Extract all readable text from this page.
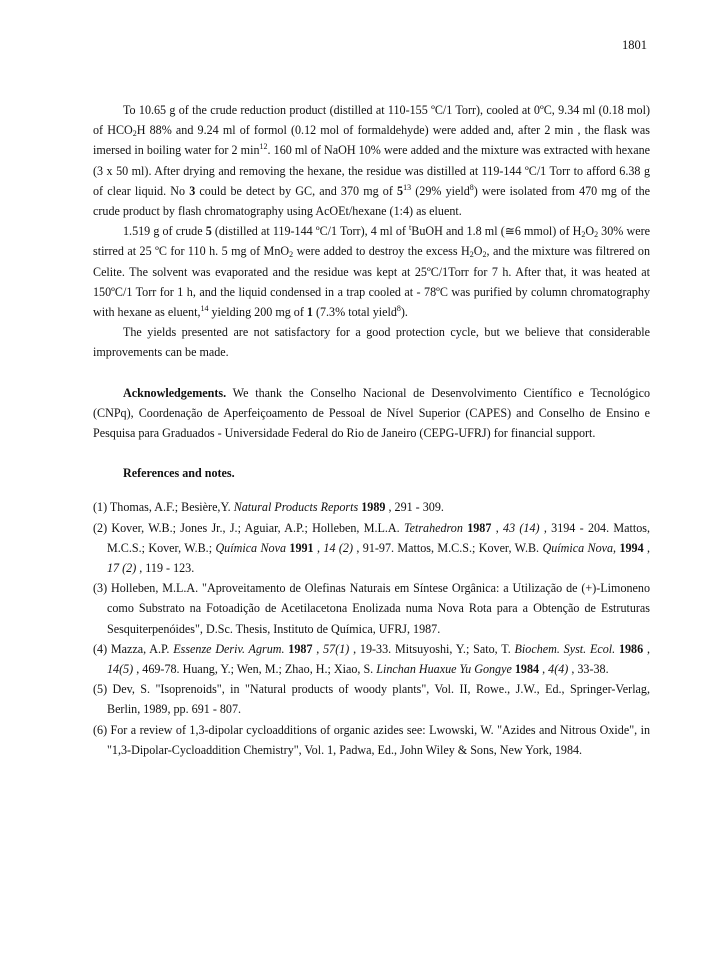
1801

To 10.65 g of the crude reduction product (distilled at 110-155 ºC/1 Torr), cooled at 0ºC, 9.34 ml (0.18 mol) of $HCO_2H$ 88% and 9.24 ml of formol (0.12 mol of formaldehyde) were added and, after 2 min , the flask was imersed in boiling water for 2 $\min^{12}$. 160 ml of NaOH 10% were added and the mixture was extracted with hexane (3 x 50 ml). After drying and removing the hexane, the residue was distilled at 119-144 ºC/1 Torr to afford 6.38 g of clear liquid. No 3 could be detect by GC, and 370 mg of $5^{13}$ (29% yield$^8$) were isolated from 470 mg of the crude product by flash chromatography using AcOEt/hexane (1:4) as eluent.

1.519 g of crude 5 (distilled at 119-144 ºC/1 Torr), 4 ml of $^t$BuOH and 1.8 ml (≅6 mmol) of $H_2O_2$ 30% were stirred at 25 ºC for 110 h. 5 mg of MnO$_2$ were added to destroy the excess $H_2O_2$, and the mixture was filtrered on Celite. The solvent was evaporated and the residue was kept at 25ºC/1Torr for 7 h. After that, it was heated at 150ºC/1 Torr for 1 h, and the liquid condensed in a trap cooled at - 78ºC was purified by column chromatography with hexane as eluent,$^{14}$ yielding 200 mg of 1 (7.3% total yield$^8$).

The yields presented are not satisfactory for a good protection cycle, but we believe that considerable improvements can be made.

Acknowledgements. We thank the Conselho Nacional de Desenvolvimento Científico e Tecnológico (CNPq), Coordenação de Aperfeiçoamento de Pessoal de Nível Superior (CAPES) and Conselho de Ensino e Pesquisa para Graduados - Universidade Federal do Rio de Janeiro (CEPG-UFRJ) for financial support.

References and notes.
(1) Thomas, A.F.; Besière,Y. Natural Products Reports 1989 , 291 - 309.
(2) Kover, W.B.; Jones Jr., J.; Aguiar, A.P.; Holleben, M.L.A. Tetrahedron 1987 , 43 (14) , 3194 - 204. Mattos, M.C.S.; Kover, W.B.; Química Nova 1991 , 14 (2) , 91-97. Mattos, M.C.S.; Kover, W.B. Química Nova, 1994 ,17 (2) , 119 - 123.
(3) Holleben, M.L.A. "Aproveitamento de Olefinas Naturais em Síntese Orgânica: a Utilização de (+)-Limoneno como Substrato na Fotoadição de Acetilacetona Enolizada numa Nova Rota para a Obtenção de Estruturas Sesquiterpenóides", D.Sc. Thesis, Instituto de Química, UFRJ, 1987.
(4) Mazza, A.P. Essenze Deriv. Agrum. 1987 , 57(1) , 19-33. Mitsuyoshi, Y.; Sato, T. Biochem. Syst. Ecol. 1986 ,14(5) , 469-78. Huang, Y.; Wen, M.; Zhao, H.; Xiao, S. Linchan Huaxue Yu Gongye 1984 , 4(4) , 33-38.
(5) Dev, S. "Isoprenoids", in "Natural products of woody plants", Vol. II, Rowe., J.W., Ed., Springer-Verlag, Berlin, 1989, pp. 691 - 807.
(6) For a review of 1,3-dipolar cycloadditions of organic azides see: Lwowski, W. "Azides and Nitrous Oxide", in "1,3-Dipolar-Cycloaddition Chemistry", Vol. 1, Padwa, Ed., John Wiley & Sons, New York, 1984.
